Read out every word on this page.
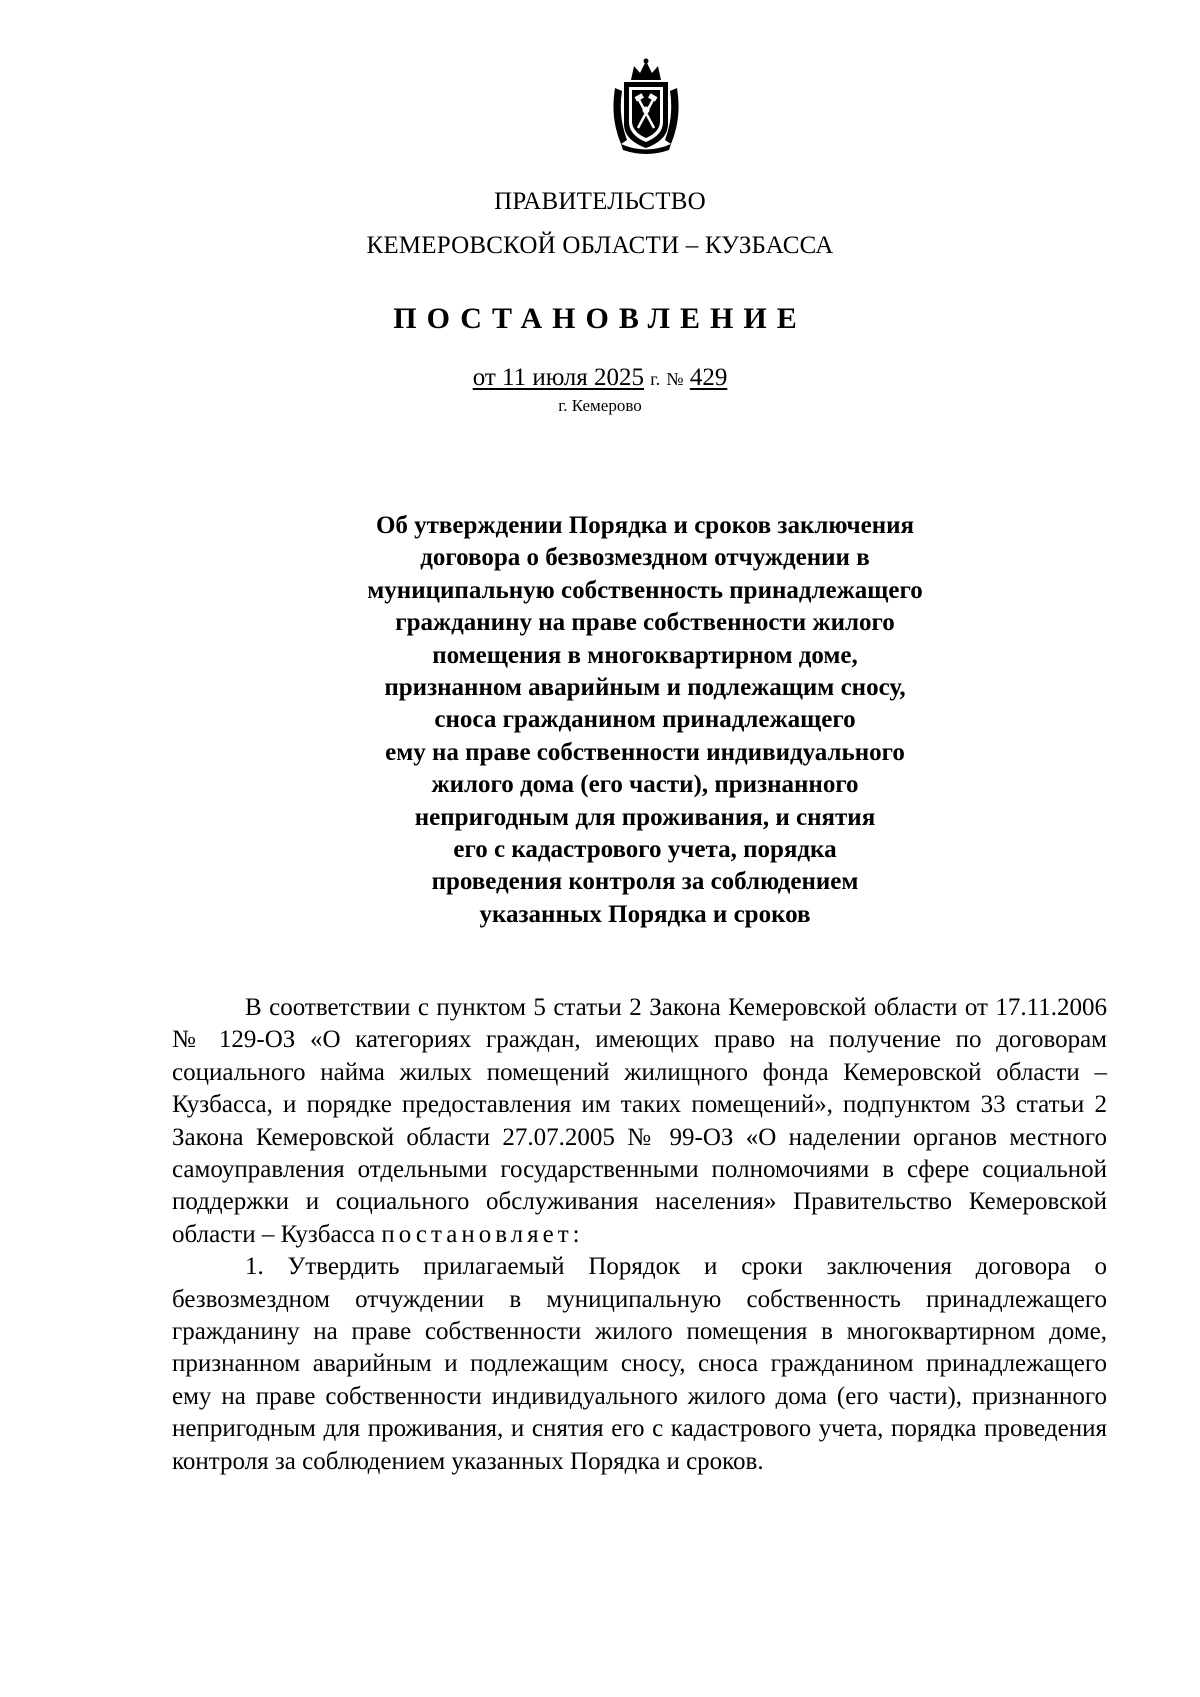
ПРАВИТЕЛЬСТВО
КЕМЕРОВСКОЙ ОБЛАСТИ – КУЗБАССА
ПОСТАНОВЛЕНИЕ
от 11 июля 2025 г. № 429
г. Кемерово
Об утверждении Порядка и сроков заключения
договора о безвозмездном отчуждении в
муниципальную собственность принадлежащего
гражданину на праве собственности жилого
помещения в многоквартирном доме,
признанном аварийным и подлежащим сносу,
сноса гражданином принадлежащего
ему на праве собственности индивидуального
жилого дома (его части), признанного
непригодным для проживания, и снятия
его с кадастрового учета, порядка
проведения контроля за соблюдением
указанных Порядка и сроков

В соответствии с пунктом 5 статьи 2 Закона Кемеровской области от 17.11.2006 № 129-ОЗ «О категориях граждан, имеющих право на получение по договорам социального найма жилых помещений жилищного фонда Кемеровской области – Кузбасса, и порядке предоставления им таких помещений», подпунктом 33 статьи 2 Закона Кемеровской области 27.07.2005 № 99-ОЗ «О наделении органов местного самоуправления отдельными государственными полномочиями в сфере социальной поддержки и социального обслуживания населения» Правительство Кемеровской области – Кузбасса постановляет:

1. Утвердить прилагаемый Порядок и сроки заключения договора о безвозмездном отчуждении в муниципальную собственность принадлежащего гражданину на праве собственности жилого помещения в многоквартирном доме, признанном аварийным и подлежащим сносу, сноса гражданином принадлежащего ему на праве собственности индивидуального жилого дома (его части), признанного непригодным для проживания, и снятия его с кадастрового учета, порядка проведения контроля за соблюдением указанных Порядка и сроков.
